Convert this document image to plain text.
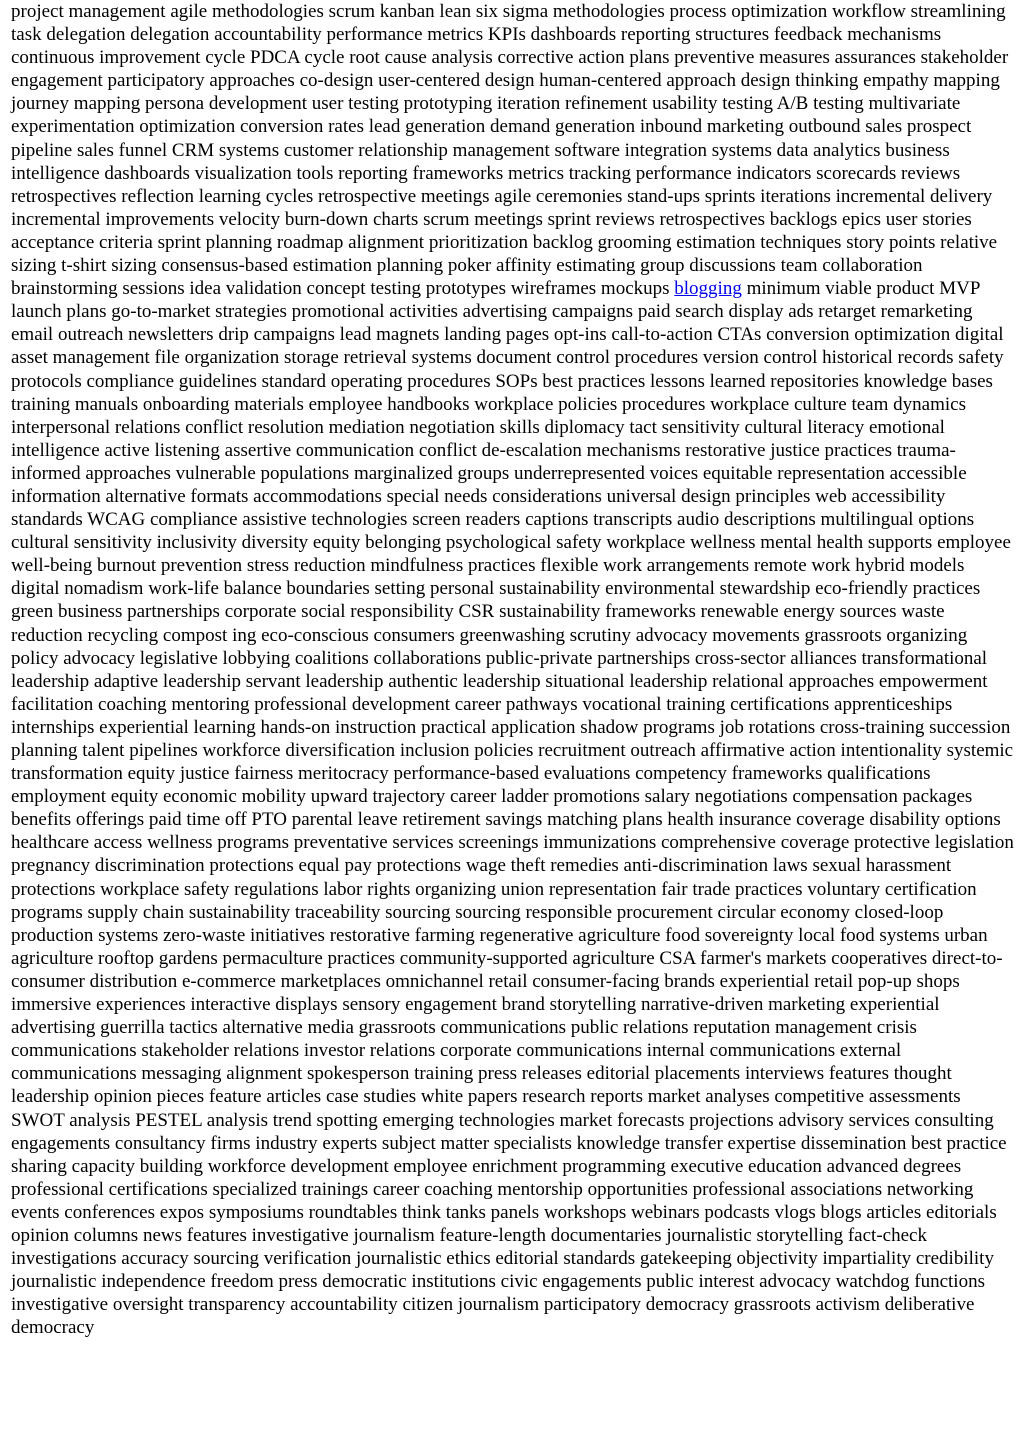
project management agile methodologies scrum kanban lean six sigma methodologies process optimization workflow streamlining task delegation delegation accountability performance metrics KPIs dashboards reporting structures feedback mechanisms continuous improvement cycle PDCA cycle root cause analysis corrective action plans preventive measures assurances stakeholder engagement participatory approaches co-design user-centered design human-centered approach design thinking empathy mapping journey mapping persona development user testing prototyping iteration refinement usability testing A/B testing multivariate experimentation optimization conversion rates lead generation demand generation inbound marketing outbound sales prospect pipeline sales funnel CRM systems customer relationship management software integration systems data analytics business intelligence dashboards visualization tools reporting frameworks metrics tracking performance indicators scorecards reviews retrospectives reflection learning cycles retrospective meetings agile ceremonies stand-ups sprints iterations incremental delivery incremental improvements velocity burn-down charts scrum meetings sprint reviews retrospectives backlogs epics user stories acceptance criteria sprint planning roadmap alignment prioritization backlog grooming estimation techniques story points relative sizing t-shirt sizing consensus-based estimation planning poker affinity estimating group discussions team collaboration brainstorming sessions idea validation concept testing prototypes wireframes mockups blogging minimum viable product MVP launch plans go-to-market strategies promotional activities advertising campaigns paid search display ads retarget remarketing email outreach newsletters drip campaigns lead magnets landing pages opt-ins call-to-action CTAs conversion optimization digital asset management file organization storage retrieval systems document control procedures version control historical records safety protocols compliance guidelines standard operating procedures SOPs best practices lessons learned repositories knowledge bases training manuals onboarding materials employee handbooks workplace policies procedures workplace culture team dynamics interpersonal relations conflict resolution mediation negotiation skills diplomacy tact sensitivity cultural literacy emotional intelligence active listening assertive communication conflict de-escalation mechanisms restorative justice practices trauma-informed approaches vulnerable populations marginalized groups underrepresented voices equitable representation accessible information alternative formats accommodations special needs considerations universal design principles web accessibility standards WCAG compliance assistive technologies screen readers captions transcripts audio descriptions multilingual options cultural sensitivity inclusivity diversity equity belonging psychological safety workplace wellness mental health supports employee well-being burnout prevention stress reduction mindfulness practices flexible work arrangements remote work hybrid models digital nomadism work-life balance boundaries setting personal sustainability environmental stewardship eco-friendly practices green business partnerships corporate social responsibility CSR sustainability frameworks renewable energy sources waste reduction recycling compost ing eco-conscious consumers greenwashing scrutiny advocacy movements grassroots organizing policy advocacy legislative lobbying coalitions collaborations public-private partnerships cross-sector alliances transformational leadership adaptive leadership servant leadership authentic leadership situational leadership relational approaches empowerment facilitation coaching mentoring professional development career pathways vocational training certifications apprenticeships internships experiential learning hands-on instruction practical application shadow programs job rotations cross-training succession planning talent pipelines workforce diversification inclusion policies recruitment outreach affirmative action intentionality systemic transformation equity justice fairness meritocracy performance-based evaluations competency frameworks qualifications employment equity economic mobility upward trajectory career ladder promotions salary negotiations compensation packages benefits offerings paid time off PTO parental leave retirement savings matching plans health insurance coverage disability options healthcare access wellness programs preventative services screenings immunizations comprehensive coverage protective legislation pregnancy discrimination protections equal pay protections wage theft remedies anti-discrimination laws sexual harassment protections workplace safety regulations labor rights organizing union representation fair trade practices voluntary certification programs supply chain sustainability traceability sourcing sourcing responsible procurement circular economy closed-loop production systems zero-waste initiatives restorative farming regenerative agriculture food sovereignty local food systems urban agriculture rooftop gardens permaculture practices community-supported agriculture CSA farmer's markets cooperatives direct-to-consumer distribution e-commerce marketplaces omnichannel retail consumer-facing brands experiential retail pop-up shops immersive experiences interactive displays sensory engagement brand storytelling narrative-driven marketing experiential advertising guerrilla tactics alternative media grassroots communications public relations reputation management crisis communications stakeholder relations investor relations corporate communications internal communications external communications messaging alignment spokesperson training press releases editorial placements interviews features thought leadership opinion pieces feature articles case studies white papers research reports market analyses competitive assessments SWOT analysis PESTEL analysis trend spotting emerging technologies market forecasts projections advisory services consulting engagements consultancy firms industry experts subject matter specialists knowledge transfer expertise dissemination best practice sharing capacity building workforce development employee enrichment programming executive education advanced degrees professional certifications specialized trainings career coaching mentorship opportunities professional associations networking events conferences expos symposiums roundtables think tanks panels workshops webinars podcasts vlogs blogs articles editorials opinion columns news features investigative journalism feature-length documentaries journalistic storytelling fact-check investigations accuracy sourcing verification journalistic ethics editorial standards gatekeeping objectivity impartiality credibility journalistic independence freedom press democratic institutions civic engagements public interest advocacy watchdog functions investigative oversight transparency accountability citizen journalism participatory democracy grassroots activism deliberative democracy
